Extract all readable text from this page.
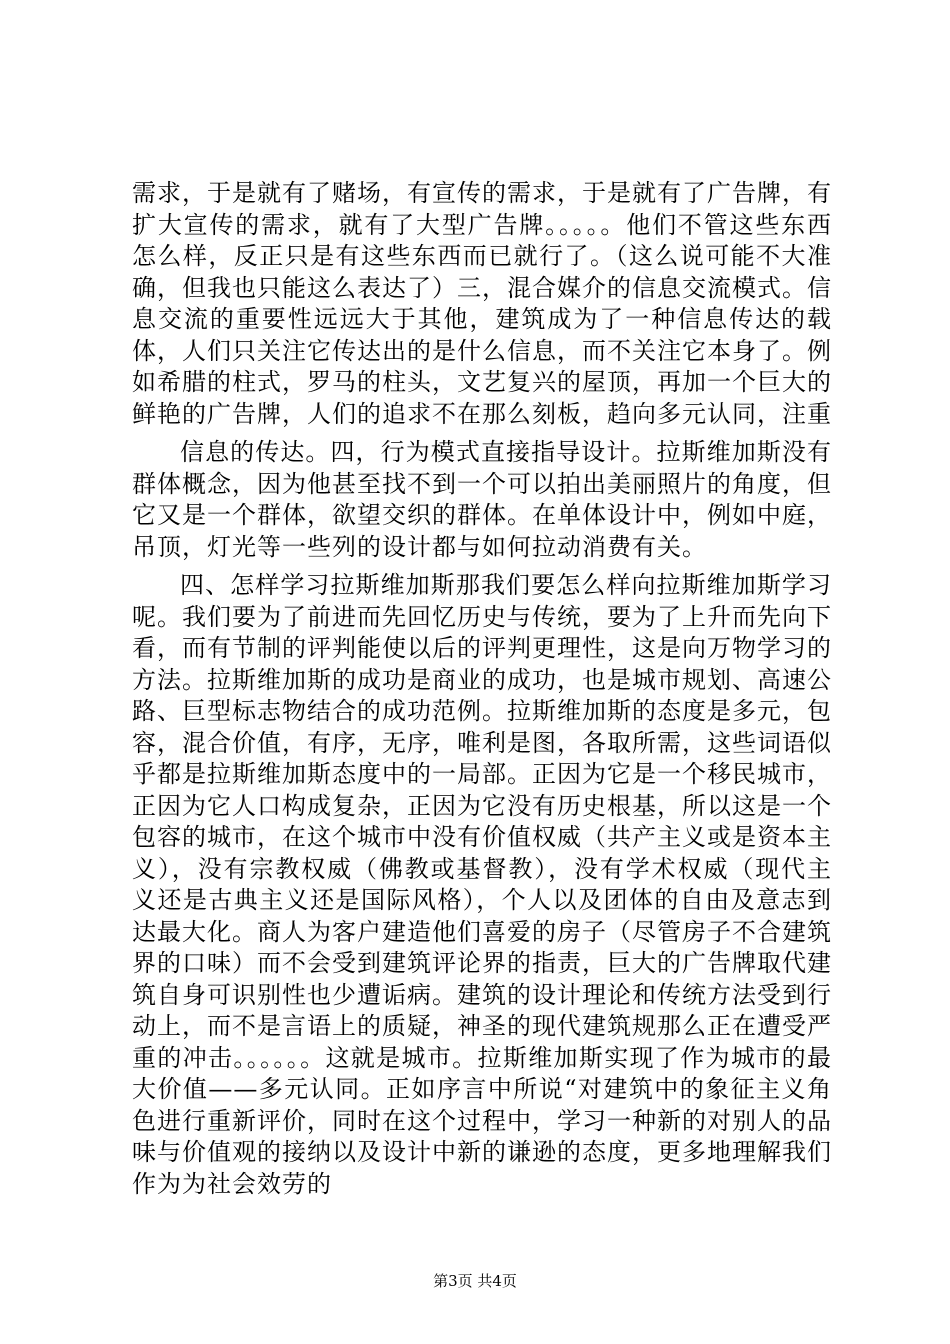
需求，于是就有了赌场，有宣传的需求，于是就有了广告牌，有扩大宣传的需求，就有了大型广告牌。。。。。他们不管这些东西怎么样，反正只是有这些东西而已就行了。（这么说可能不大准确，但我也只能这么表达了）三，混合媒介的信息交流模式。信息交流的重要性远远大于其他，建筑成为了一种信息传达的载体，人们只关注它传达出的是什么信息，而不关注它本身了。例如希腊的柱式，罗马的柱头，文艺复兴的屋顶，再加一个巨大的鲜艳的广告牌，人们的追求不在那么刻板，趋向多元认同，注重

信息的传达。四，行为模式直接指导设计。拉斯维加斯没有群体概念，因为他甚至找不到一个可以拍出美丽照片的角度，但它又是一个群体，欲望交织的群体。在单体设计中，例如中庭，吊顶，灯光等一些列的设计都与如何拉动消费有关。

四、怎样学习拉斯维加斯那我们要怎么样向拉斯维加斯学习呢。我们要为了前进而先回忆历史与传统，要为了上升而先向下看，而有节制的评判能使以后的评判更理性，这是向万物学习的方法。拉斯维加斯的成功是商业的成功，也是城市规划、高速公路、巨型标志物结合的成功范例。拉斯维加斯的态度是多元，包容，混合价值，有序，无序，唯利是图，各取所需，这些词语似乎都是拉斯维加斯态度中的一局部。正因为它是一个移民城市，正因为它人口构成复杂，正因为它没有历史根基，所以这是一个包容的城市，在这个城市中没有价值权威（共产主义或是资本主义），没有宗教权威（佛教或基督教），没有学术权威（现代主义还是古典主义还是国际风格），个人以及团体的自由及意志到达最大化。商人为客户建造他们喜爱的房子（尽管房子不合建筑界的口味）而不会受到建筑评论界的指责，巨大的广告牌取代建筑自身可识别性也少遭诟病。建筑的设计理论和传统方法受到行动上，而不是言语上的质疑，神圣的现代建筑规那么正在遭受严重的冲击。。。。。。这就是城市。拉斯维加斯实现了作为城市的最大价值——多元认同。正如序言中所说“对建筑中的象征主义角色进行重新评价，同时在这个过程中，学习一种新的对别人的品味与价值观的接纳以及设计中新的谦逊的态度，更多地理解我们作为为社会效劳的

第3页 共4页
